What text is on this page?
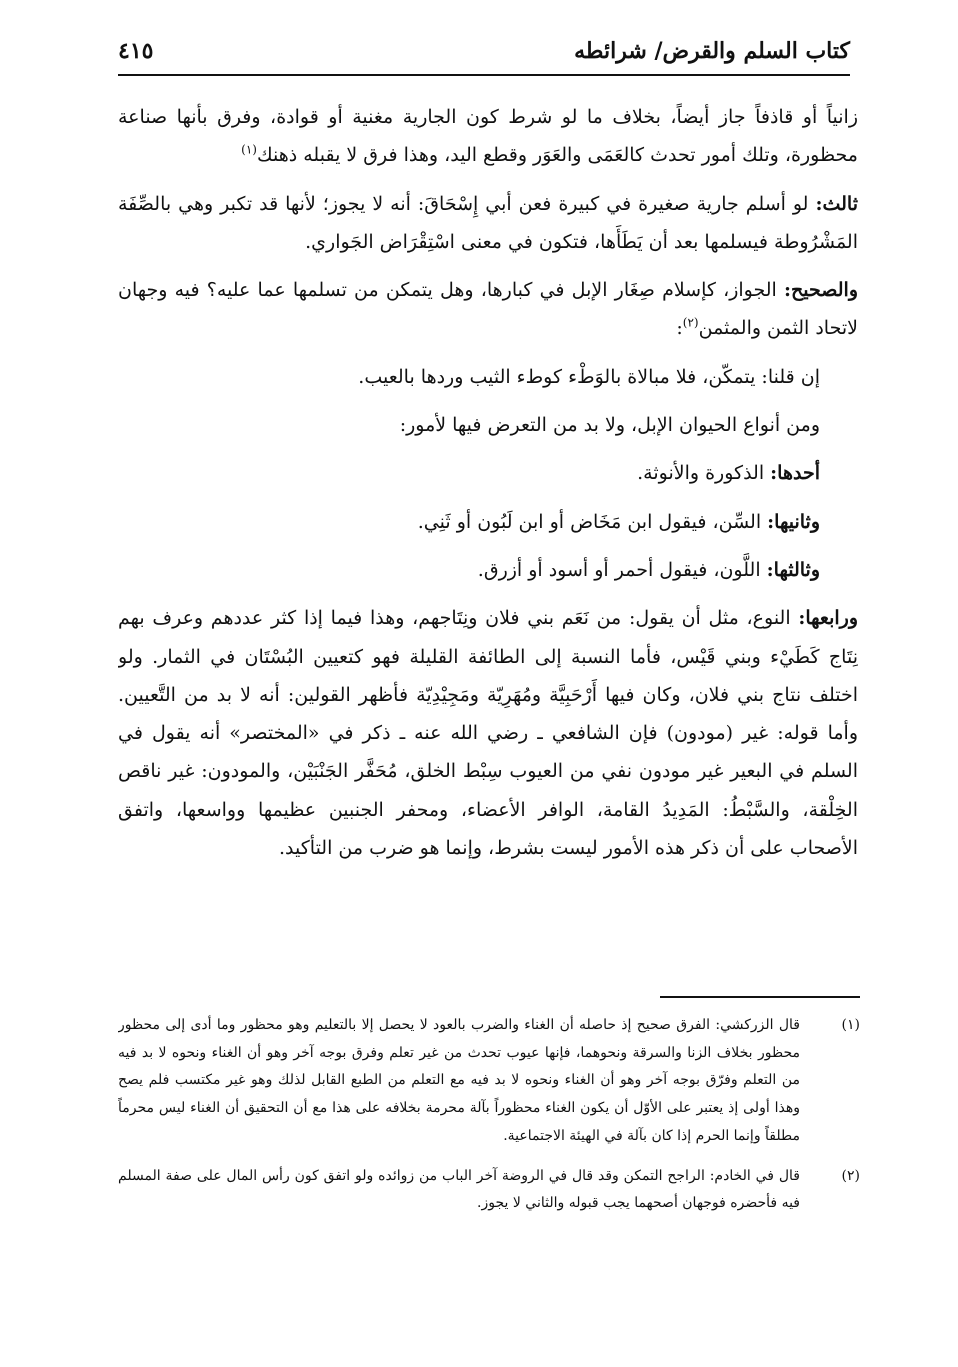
كتاب السلم والقرض/ شرائطه
٤١٥

زانياً أو قاذفاً جاز أيضاً، بخلاف ما لو شرط كون الجارية مغنية أو قوادة، وفرق بأنها صناعة محظورة، وتلك أمور تحدث كالعَمَى والعَوَر وقطع اليد، وهذا فرق لا يقبله ذهنك$^{(١)}$

ثالث: لو أسلم جارية صغيرة في كبيرة فعن أبي إِسْحَاقَ: أنه لا يجوز؛ لأنها قد تكبر وهي بالصِّفَة المَشْرُوطة فيسلمها بعد أن يَطَأَها، فتكون في معنى اسْتِقْرَاض الجَواري.

والصحيح: الجواز، كإسلام صِغَار الإبل في كبارها، وهل يتمكن من تسلمها عما عليه؟ فيه وجهان لاتحاد الثمن والمثمن$^{(٢)}$:

إن قلنا: يتمكّن، فلا مبالاة بالوَطْء كوطء الثيب وردها بالعيب.

ومن أنواع الحيوان الإبل، ولا بد من التعرض فيها لأمور:

أحدها: الذكورة والأنوثة.

وثانيها: السِّن، فيقول ابن مَخَاض أو ابن لَبُون أو ثَنِي.

وثالثها: اللَّون، فيقول أحمر أو أسود أو أزرق.

ورابعها: النوع، مثل أن يقول: من نَعَم بني فلان ونِتَاجهم، وهذا فيما إذا كثر عددهم وعرف بهم نِتَاج كَطَيْء وبني قَيْس، فأما النسبة إلى الطائفة القليلة فهو كتعيين البُسْتَان في الثمار. ولو اختلف نتاج بني فلان، وكان فيها أَرْحَبِيَّة ومُهَرِيّة ومَجِيْدِيّة فأظهر القولين: أنه لا بد من التَّعيين. وأما قوله: غير (مودون) فإن الشافعي ـ رضي الله عنه ـ ذكر في «المختصر» أنه يقول في السلم في البعير غير مودون نفي من العيوب سِبْط الخلق، مُحَفَّر الجَنْبَيْن، والمودون: غير ناقص الخِلْقة، والسَّبْطُ: المَدِيدُ القامة، الوافر الأعضاء، ومحفر الجنبين عظيمها وواسعها، واتفق الأصحاب على أن ذكر هذه الأمور ليست بشرط، وإنما هو ضرب من التأكيد.

(١)
قال الزركشي: الفرق صحيح إذ حاصله أن الغناء والضرب بالعود لا يحصل إلا بالتعليم وهو محظور وما أدى إلى محظور محظور بخلاف الزنا والسرقة ونحوهما، فإنها عيوب تحدث من غير تعلم وفرق بوجه آخر وهو أن الغناء ونحوه لا بد فيه من التعلم وفرّق بوجه آخر وهو أن الغناء ونحوه لا بد فيه مع التعلم من الطبع القابل لذلك وهو غير مكتسب فلم يصح وهذا أولى إذ يعتبر على الأوّل أن يكون الغناء محظوراً بآلة محرمة بخلافه على هذا مع أن التحقيق أن الغناء ليس محرماً مطلقاً وإنما الحرم إذا كان بآلة في الهيئة الاجتماعية.
(٢)
قال في الخادم: الراجح التمكن وقد قال في الروضة آخر الباب من زوائده ولو اتفق كون رأس المال على صفة المسلم فيه فأحضره فوجهان أصحهما يجب قبوله والثاني لا يجوز.
